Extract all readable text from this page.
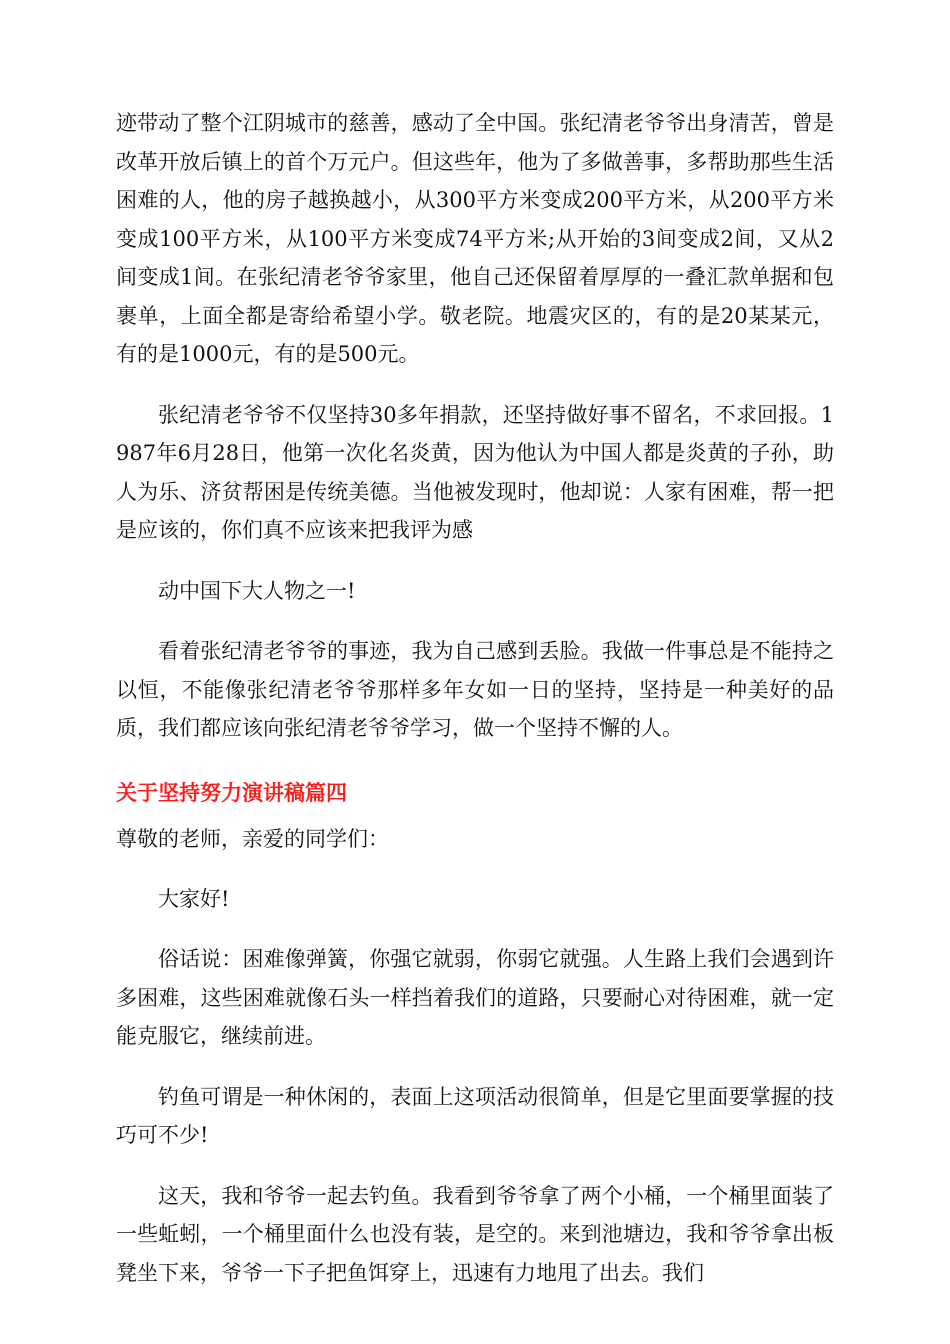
迹带动了整个江阴城市的慈善，感动了全中国。张纪清老爷爷出身清苦，曾是改革开放后镇上的首个万元户。但这些年，他为了多做善事，多帮助那些生活困难的人，他的房子越换越小，从300平方米变成200平方米，从200平方米变成100平方米，从100平方米变成74平方米;从开始的3间变成2间，又从2间变成1间。在张纪清老爷爷家里，他自己还保留着厚厚的一叠汇款单据和包裹单，上面全都是寄给希望小学。敬老院。地震灾区的，有的是20某某元，有的是1000元，有的是500元。

张纪清老爷爷不仅坚持30多年捐款，还坚持做好事不留名，不求回报。1987年6月28日，他第一次化名炎黄，因为他认为中国人都是炎黄的子孙，助人为乐、济贫帮困是传统美德。当他被发现时，他却说：人家有困难，帮一把是应该的，你们真不应该来把我评为感

动中国下大人物之一!

看着张纪清老爷爷的事迹，我为自己感到丢脸。我做一件事总是不能持之以恒，不能像张纪清老爷爷那样多年女如一日的坚持，坚持是一种美好的品质，我们都应该向张纪清老爷爷学习，做一个坚持不懈的人。

关于坚持努力演讲稿篇四

尊敬的老师，亲爱的同学们：

大家好!

俗话说：困难像弹簧，你强它就弱，你弱它就强。人生路上我们会遇到许多困难，这些困难就像石头一样挡着我们的道路，只要耐心对待困难，就一定能克服它，继续前进。

钓鱼可谓是一种休闲的，表面上这项活动很简单，但是它里面要掌握的技巧可不少!

这天，我和爷爷一起去钓鱼。我看到爷爷拿了两个小桶，一个桶里面装了一些蚯蚓，一个桶里面什么也没有装，是空的。来到池塘边，我和爷爷拿出板凳坐下来，爷爷一下子把鱼饵穿上，迅速有力地甩了出去。我们
